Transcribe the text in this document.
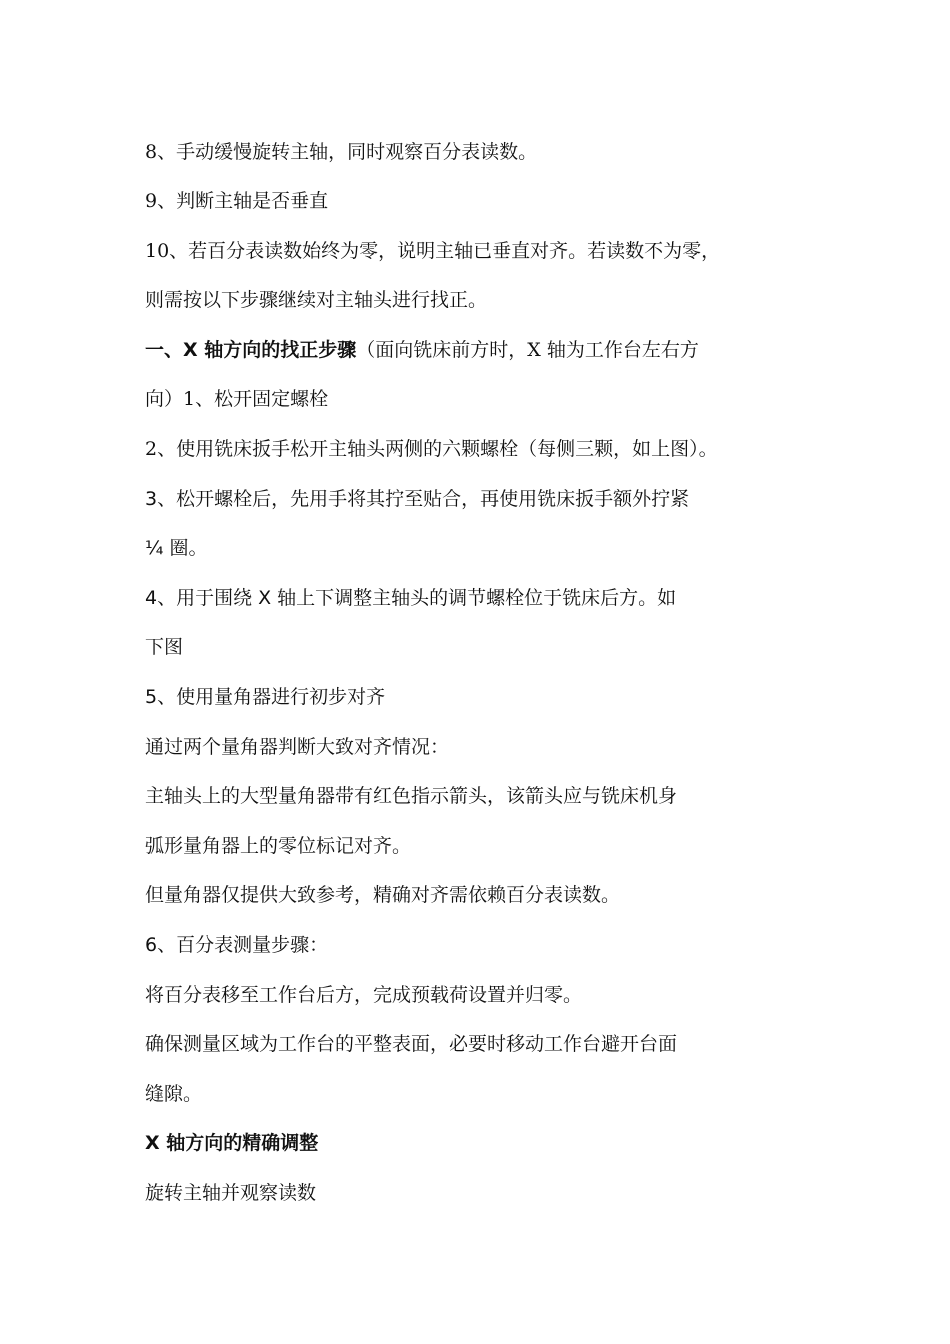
8、手动缓慢旋转主轴，同时观察百分表读数。
9、判断主轴是否垂直
10、若百分表读数始终为零，说明主轴已垂直对齐。若读数不为零，
则需按以下步骤继续对主轴头进行找正。
一、X 轴方向的找正步骤（面向铣床前方时，X 轴为工作台左右方
向）1、松开固定螺栓
2、使用铣床扳手松开主轴头两侧的六颗螺栓（每侧三颗，如上图）。
3、松开螺栓后，先用手将其拧至贴合，再使用铣床扳手额外拧紧
¼ 圈。
4、用于围绕 X 轴上下调整主轴头的调节螺栓位于铣床后方。如
下图
5、使用量角器进行初步对齐
通过两个量角器判断大致对齐情况：
主轴头上的大型量角器带有红色指示箭头，该箭头应与铣床机身
弧形量角器上的零位标记对齐。
但量角器仅提供大致参考，精确对齐需依赖百分表读数。
6、百分表测量步骤：
将百分表移至工作台后方，完成预载荷设置并归零。
确保测量区域为工作台的平整表面，必要时移动工作台避开台面
缝隙。
X 轴方向的精确调整
旋转主轴并观察读数
